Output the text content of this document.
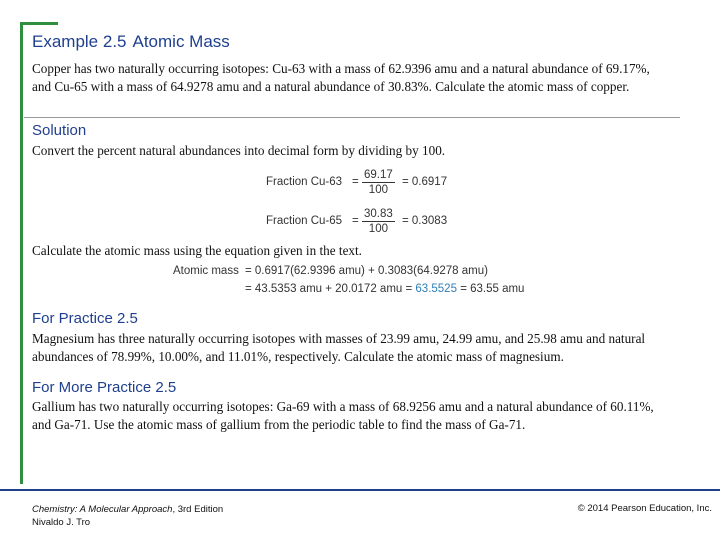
Example 2.5 Atomic Mass
Copper has two naturally occurring isotopes: Cu-63 with a mass of 62.9396 amu and a natural abundance of 69.17%, and Cu-65 with a mass of 64.9278 amu and a natural abundance of 30.83%. Calculate the atomic mass of copper.
Solution
Convert the percent natural abundances into decimal form by dividing by 100.
Fraction $Cu-63 = \frac{69.17}{100} = 0.6917$
Fraction $Cu-65 = \frac{30.83}{100} = 0.3083$
Calculate the atomic mass using the equation given in the text.
Atomic mass = 0.6917(62.9396 amu) + 0.3083(64.9278 amu)
= 43.5353 amu + 20.0172 amu = 63.5525 = 63.55 amu
For Practice 2.5
Magnesium has three naturally occurring isotopes with masses of 23.99 amu, 24.99 amu, and 25.98 amu and natural abundances of 78.99%, 10.00%, and 11.01%, respectively. Calculate the atomic mass of magnesium.
For More Practice 2.5
Gallium has two naturally occurring isotopes: Ga-69 with a mass of 68.9256 amu and a natural abundance of 60.11%, and Ga-71. Use the atomic mass of gallium from the periodic table to find the mass of Ga-71.
Chemistry: A Molecular Approach, 3rd Edition
Nivaldo J. Tro
© 2014 Pearson Education, Inc.
